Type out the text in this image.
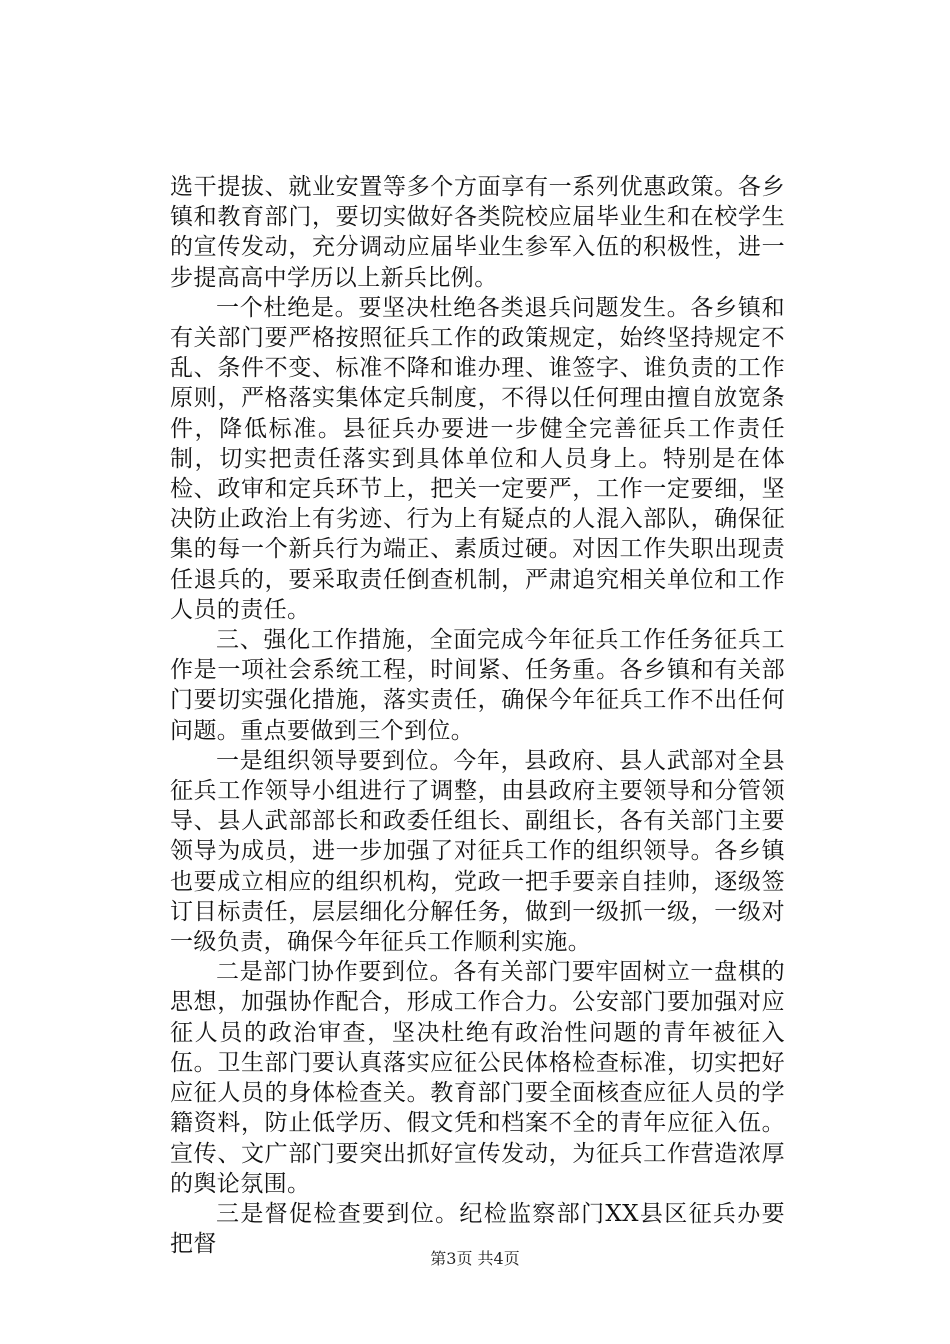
选干提拔、就业安置等多个方面享有一系列优惠政策。各乡镇和教育部门，要切实做好各类院校应届毕业生和在校学生的宣传发动，充分调动应届毕业生参军入伍的积极性，进一步提高高中学历以上新兵比例。

一个杜绝是。要坚决杜绝各类退兵问题发生。各乡镇和有关部门要严格按照征兵工作的政策规定，始终坚持规定不乱、条件不变、标准不降和谁办理、谁签字、谁负责的工作原则，严格落实集体定兵制度，不得以任何理由擅自放宽条件，降低标准。县征兵办要进一步健全完善征兵工作责任制，切实把责任落实到具体单位和人员身上。特别是在体检、政审和定兵环节上，把关一定要严，工作一定要细，坚决防止政治上有劣迹、行为上有疑点的人混入部队，确保征集的每一个新兵行为端正、素质过硬。对因工作失职出现责任退兵的，要采取责任倒查机制，严肃追究相关单位和工作人员的责任。

三、强化工作措施，全面完成今年征兵工作任务征兵工作是一项社会系统工程，时间紧、任务重。各乡镇和有关部门要切实强化措施，落实责任，确保今年征兵工作不出任何问题。重点要做到三个到位。

一是组织领导要到位。今年，县政府、县人武部对全县征兵工作领导小组进行了调整，由县政府主要领导和分管领导、县人武部部长和政委任组长、副组长，各有关部门主要领导为成员，进一步加强了对征兵工作的组织领导。各乡镇也要成立相应的组织机构，党政一把手要亲自挂帅，逐级签订目标责任，层层细化分解任务，做到一级抓一级，一级对一级负责，确保今年征兵工作顺利实施。

二是部门协作要到位。各有关部门要牢固树立一盘棋的思想，加强协作配合，形成工作合力。公安部门要加强对应征人员的政治审查，坚决杜绝有政治性问题的青年被征入伍。卫生部门要认真落实应征公民体格检查标准，切实把好应征人员的身体检查关。教育部门要全面核查应征人员的学籍资料，防止低学历、假文凭和档案不全的青年应征入伍。宣传、文广部门要突出抓好宣传发动，为征兵工作营造浓厚的舆论氛围。

三是督促检查要到位。纪检监察部门XX县区征兵办要把督

第3页 共4页
